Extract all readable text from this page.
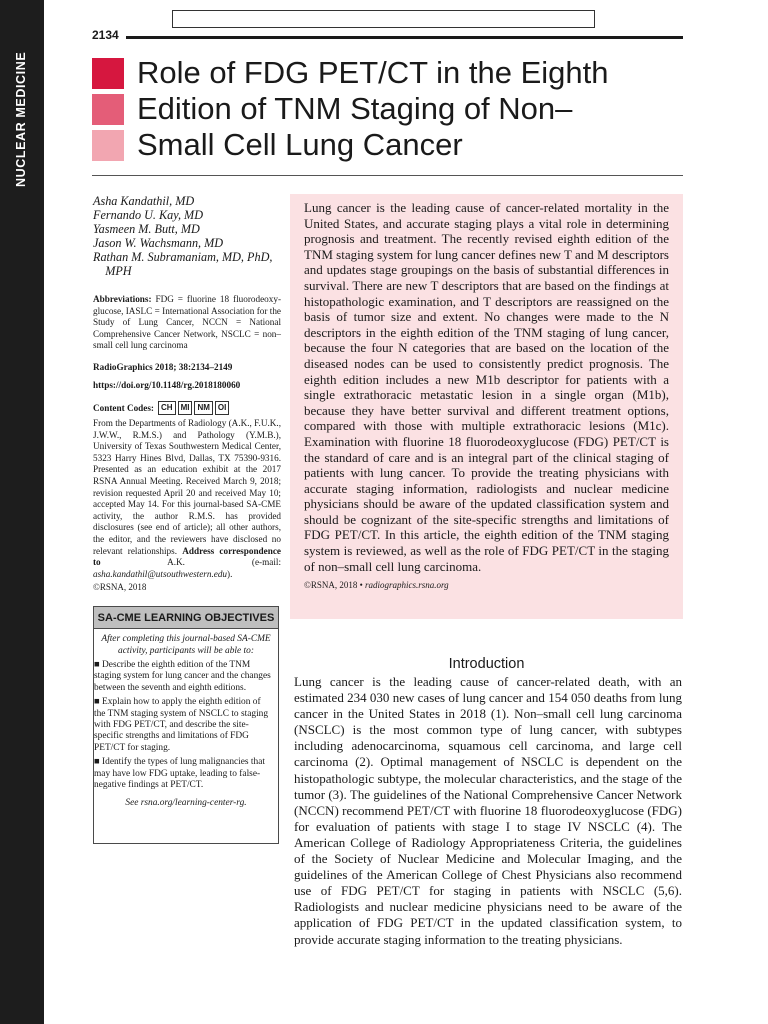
NUCLEAR MEDICINE
2134
Role of FDG PET/CT in the Eighth
Edition of TNM Staging of Non–
Small Cell Lung Cancer
Asha Kandathil, MD
Fernando U. Kay, MD
Yasmeen M. Butt, MD
Jason W. Wachsmann, MD
Rathan M. Subramaniam, MD, PhD,
MPH
Abbreviations: FDG = fluorine 18 fluorodeoxyglucose, IASLC = International Association for the Study of Lung Cancer, NCCN = National Comprehensive Cancer Network, NSCLC = non–small cell lung carcinoma
RadioGraphics 2018; 38:2134–2149
https://doi.org/10.1148/rg.2018180060
Content Codes: CH	MI	NM	OI
From the Departments of Radiology (A.K., F.U.K., J.W.W., R.M.S.) and Pathology (Y.M.B.), University of Texas Southwestern Medical Center, 5323 Harry Hines Blvd, Dallas, TX 75390-9316. Presented as an education exhibit at the 2017 RSNA Annual Meeting. Received March 9, 2018; revision requested April 20 and received May 10; accepted May 14. For this journal-based SA-CME activity, the author R.M.S. has provided disclosures (see end of article); all other authors, the editor, and the reviewers have disclosed no relevant relationships. Address correspondence to A.K. (e-mail: asha.kandathil@utsouthwestern.edu).
©RSNA, 2018
SA-CME LEARNING OBJECTIVES
After completing this journal-based SA-CME activity, participants will be able to:
■ Describe the eighth edition of the TNM staging system for lung cancer and the changes between the seventh and eighth editions.
■ Explain how to apply the eighth edition of the TNM staging system of NSCLC to staging with FDG PET/CT, and describe the site-specific strengths and limitations of FDG PET/CT for staging.
■ Identify the types of lung malignancies that may have low FDG uptake, leading to false-negative findings at PET/CT.
See rsna.org/learning-center-rg.

Lung cancer is the leading cause of cancer-related mortality in the United States, and accurate staging plays a vital role in determining prognosis and treatment. The recently revised eighth edition of the TNM staging system for lung cancer defines new T and M descriptors and updates stage groupings on the basis of substantial differences in survival. There are new T descriptors that are based on the findings at histopathologic examination, and T descriptors are reassigned on the basis of tumor size and extent. No changes were made to the N descriptors in the eighth edition of the TNM staging of lung cancer, because the four N categories that are based on the location of the diseased nodes can be used to consistently predict prognosis. The eighth edition includes a new M1b descriptor for patients with a single extrathoracic metastatic lesion in a single organ (M1b), because they have better survival and different treatment options, compared with those with multiple extrathoracic lesions (M1c). Examination with fluorine 18 fluorodeoxyglucose (FDG) PET/CT is the standard of care and is an integral part of the clinical staging of patients with lung cancer. To provide the treating physicians with accurate staging information, radiologists and nuclear medicine physicians should be aware of the updated classification system and should be cognizant of the site-specific strengths and limitations of FDG PET/CT. In this article, the eighth edition of the TNM staging system is reviewed, as well as the role of FDG PET/CT in the staging of non–small cell lung carcinoma.

©RSNA, 2018 • radiographics.rsna.org

Introduction

Lung cancer is the leading cause of cancer-related death, with an estimated 234 030 new cases of lung cancer and 154 050 deaths from lung cancer in the United States in 2018 (1). Non–small cell lung carcinoma (NSCLC) is the most common type of lung cancer, with subtypes including adenocarcinoma, squamous cell carcinoma, and large cell carcinoma (2). Optimal management of NSCLC is dependent on the histopathologic subtype, the molecular characteristics, and the stage of the tumor (3). The guidelines of the National Comprehensive Cancer Network (NCCN) recommend PET/CT with fluorine 18 fluorodeoxyglucose (FDG) for evaluation of patients with stage I to stage IV NSCLC (4). The American College of Radiology Appropriateness Criteria, the guidelines of the Society of Nuclear Medicine and Molecular Imaging, and the guidelines of the American College of Chest Physicians also recommend use of FDG PET/CT for staging in patients with NSCLC (5,6). Radiologists and nuclear medicine physicians need to be aware of the application of FDG PET/CT in the updated classification system, to provide accurate staging information to the treating physicians.
